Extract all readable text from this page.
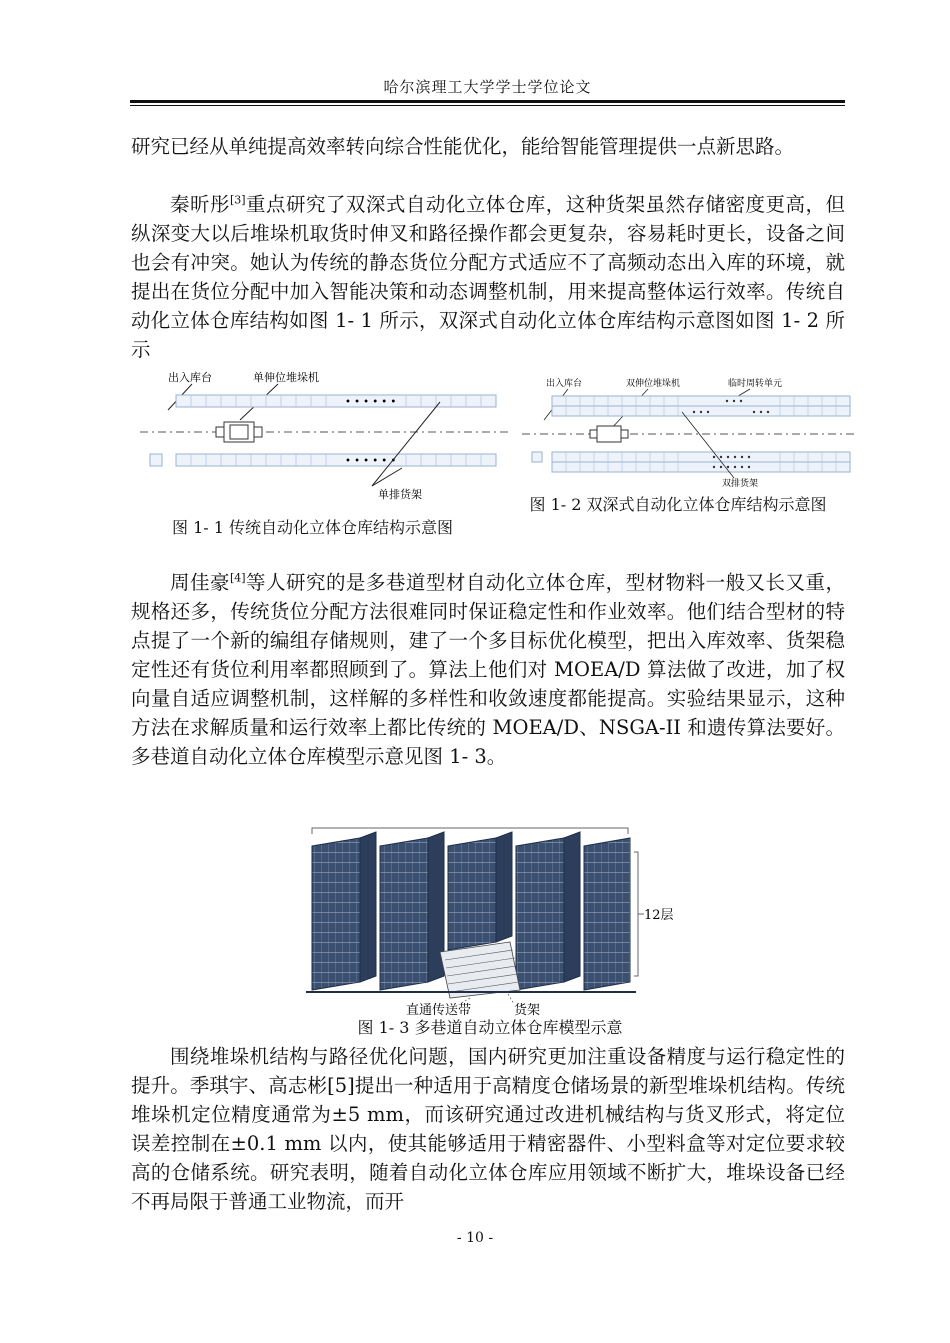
哈尔滨理工大学学士学位论文

研究已经从单纯提高效率转向综合性能优化，能给智能管理提供一点新思路。

秦昕彤[3]重点研究了双深式自动化立体仓库，这种货架虽然存储密度更高，但纵深变大以后堆垛机取货时伸叉和路径操作都会更复杂，容易耗时更长，设备之间也会有冲突。她认为传统的静态货位分配方式适应不了高频动态出入库的环境，就提出在货位分配中加入智能决策和动态调整机制，用来提高整体运行效率。传统自动化立体仓库结构如图 1- 1 所示，双深式自动化立体仓库结构示意图如图 1- 2 所示

出入库台	单伸位堆垛机
• • • • • •
• • • • • •
单排货架
图 1- 1 传统自动化立体仓库结构示意图
出入库台	双伸位堆垛机	临时周转单元
双排货架
图 1- 2 双深式自动化立体仓库结构示意图

周佳豪[4]等人研究的是多巷道型材自动化立体仓库，型材物料一般又长又重，规格还多，传统货位分配方法很难同时保证稳定性和作业效率。他们结合型材的特点提了一个新的编组存储规则，建了一个多目标优化模型，把出入库效率、货架稳定性还有货位利用率都照顾到了。算法上他们对 MOEA/D 算法做了改进，加了权向量自适应调整机制，这样解的多样性和收敛速度都能提高。实验结果显示，这种方法在求解质量和运行效率上都比传统的 MOEA/D、NSGA-II 和遗传算法要好。多巷道自动化立体仓库模型示意见图 1- 3。

12层
直通传送带	货架
图 1- 3 多巷道自动立体仓库模型示意

围绕堆垛机结构与路径优化问题，国内研究更加注重设备精度与运行稳定性的提升。季琪宇、高志彬[5]提出一种适用于高精度仓储场景的新型堆垛机结构。传统堆垛机定位精度通常为±5 mm，而该研究通过改进机械结构与货叉形式，将定位误差控制在±0.1 mm 以内，使其能够适用于精密器件、小型料盒等对定位要求较高的仓储系统。研究表明，随着自动化立体仓库应用领域不断扩大，堆垛设备已经不再局限于普通工业物流，而开

- 10 -
